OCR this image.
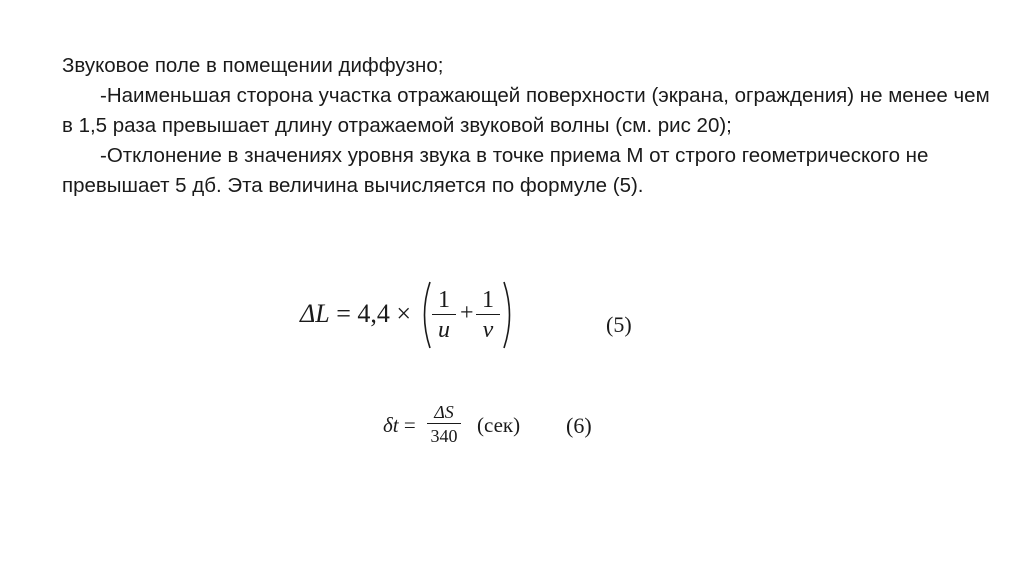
Звуковое поле в помещении диффузно;

-Наименьшая сторона участка отражающей поверхности (экрана, ограждения) не менее чем в 1,5 раза превышает длину отражаемой звуковой волны (см. рис 20);

-Отклонение в значениях уровня звука в точке приема М от строго геометрического не превышает 5 дб. Эта величина вычисляется по формуле (5).

ΔL = 4,4 × 1
u
+ 1
v	(5)
δt =
ΔS
340 (сек) (6)
